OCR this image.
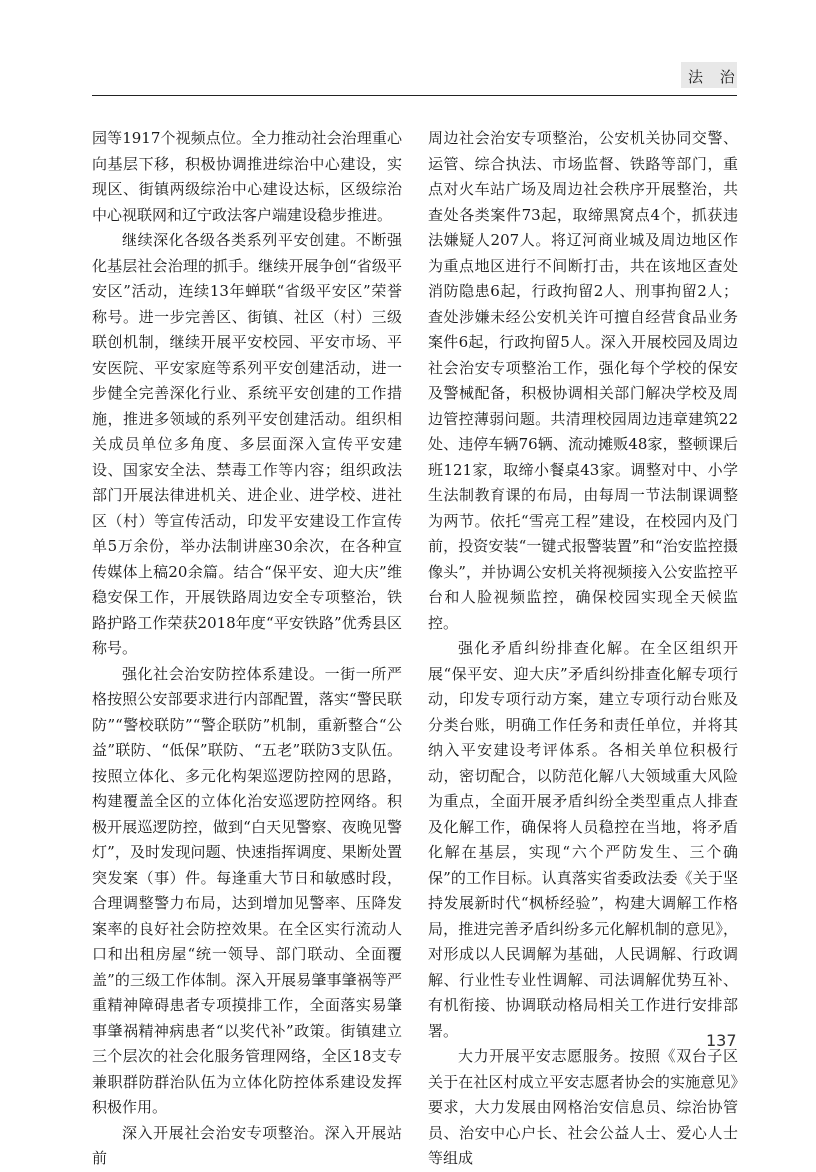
法 治

园等1917个视频点位。全力推动社会治理重心向基层下移，积极协调推进综治中心建设，实现区、街镇两级综治中心建设达标，区级综治中心视联网和辽宁政法客户端建设稳步推进。

继续深化各级各类系列平安创建。不断强化基层社会治理的抓手。继续开展争创“省级平安区”活动，连续13年蝉联“省级平安区”荣誉称号。进一步完善区、街镇、社区（村）三级联创机制，继续开展平安校园、平安市场、平安医院、平安家庭等系列平安创建活动，进一步健全完善深化行业、系统平安创建的工作措施，推进多领域的系列平安创建活动。组织相关成员单位多角度、多层面深入宣传平安建设、国家安全法、禁毒工作等内容；组织政法部门开展法律进机关、进企业、进学校、进社区（村）等宣传活动，印发平安建设工作宣传单5万余份，举办法制讲座30余次，在各种宣传媒体上稿20余篇。结合“保平安、迎大庆”维稳安保工作，开展铁路周边安全专项整治，铁路护路工作荣获2018年度“平安铁路”优秀县区称号。

强化社会治安防控体系建设。一街一所严格按照公安部要求进行内部配置，落实“警民联防”“警校联防”“警企联防”机制，重新整合“公益”联防、“低保”联防、“五老”联防3支队伍。按照立体化、多元化构架巡逻防控网的思路，构建覆盖全区的立体化治安巡逻防控网络。积极开展巡逻防控，做到“白天见警察、夜晚见警灯”，及时发现问题、快速指挥调度、果断处置突发案（事）件。每逢重大节日和敏感时段，合理调整警力布局，达到增加见警率、压降发案率的良好社会防控效果。在全区实行流动人口和出租房屋“统一领导、部门联动、全面覆盖”的三级工作体制。深入开展易肇事肇祸等严重精神障碍患者专项摸排工作，全面落实易肇事肇祸精神病患者“以奖代补”政策。街镇建立三个层次的社会化服务管理网络，全区18支专兼职群防群治队伍为立体化防控体系建设发挥积极作用。

深入开展社会治安专项整治。深入开展站前

周边社会治安专项整治，公安机关协同交警、运管、综合执法、市场监督、铁路等部门，重点对火车站广场及周边社会秩序开展整治，共查处各类案件73起，取缔黑窝点4个，抓获违法嫌疑人207人。将辽河商业城及周边地区作为重点地区进行不间断打击，共在该地区查处消防隐患6起，行政拘留2人、刑事拘留2人；查处涉嫌未经公安机关许可擅自经营食品业务案件6起，行政拘留5人。深入开展校园及周边社会治安专项整治工作，强化每个学校的保安及警械配备，积极协调相关部门解决学校及周边管控薄弱问题。共清理校园周边违章建筑22处、违停车辆76辆、流动摊贩48家，整顿课后班121家，取缔小餐桌43家。调整对中、小学生法制教育课的布局，由每周一节法制课调整为两节。依托“雪亮工程”建设，在校园内及门前，投资安装“一键式报警装置”和“治安监控摄像头”，并协调公安机关将视频接入公安监控平台和人脸视频监控，确保校园实现全天候监控。

强化矛盾纠纷排查化解。在全区组织开展“保平安、迎大庆”矛盾纠纷排查化解专项行动，印发专项行动方案，建立专项行动台账及分类台账，明确工作任务和责任单位，并将其纳入平安建设考评体系。各相关单位积极行动，密切配合，以防范化解八大领域重大风险为重点，全面开展矛盾纠纷全类型重点人排查及化解工作，确保将人员稳控在当地，将矛盾化解在基层，实现“六个严防发生、三个确保”的工作目标。认真落实省委政法委《关于坚持发展新时代“枫桥经验”，构建大调解工作格局，推进完善矛盾纠纷多元化解机制的意见》，对形成以人民调解为基础，人民调解、行政调解、行业性专业性调解、司法调解优势互补、有机衔接、协调联动格局相关工作进行安排部署。

大力开展平安志愿服务。按照《双台子区关于在社区村成立平安志愿者协会的实施意见》要求，大力发展由网格治安信息员、综治协管员、治安中心户长、社会公益人士、爱心人士等组成

137
